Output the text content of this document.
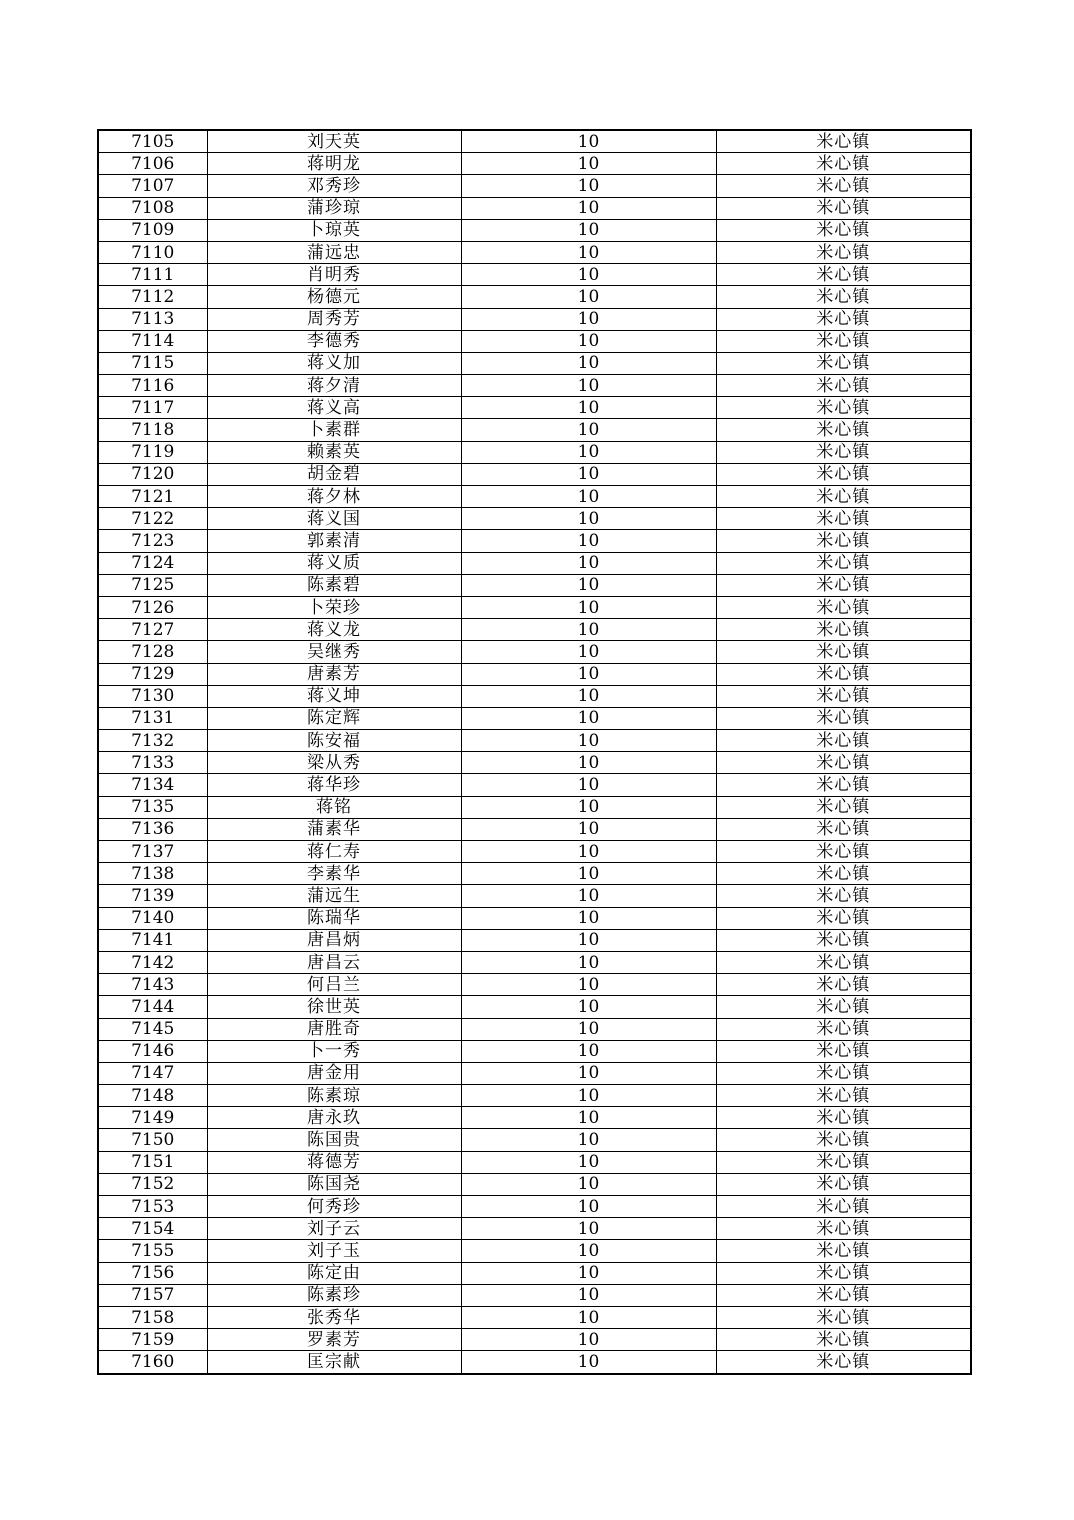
7105	刘天英	10	米心镇
7106	蒋明龙	10	米心镇
7107	邓秀珍	10	米心镇
7108	蒲珍琼	10	米心镇
7109	卜琼英	10	米心镇
7110	蒲远忠	10	米心镇
7111	肖明秀	10	米心镇
7112	杨德元	10	米心镇
7113	周秀芳	10	米心镇
7114	李德秀	10	米心镇
7115	蒋义加	10	米心镇
7116	蒋夕清	10	米心镇
7117	蒋义高	10	米心镇
7118	卜素群	10	米心镇
7119	赖素英	10	米心镇
7120	胡金碧	10	米心镇
7121	蒋夕林	10	米心镇
7122	蒋义国	10	米心镇
7123	郭素清	10	米心镇
7124	蒋义质	10	米心镇
7125	陈素碧	10	米心镇
7126	卜荣珍	10	米心镇
7127	蒋义龙	10	米心镇
7128	吴继秀	10	米心镇
7129	唐素芳	10	米心镇
7130	蒋义坤	10	米心镇
7131	陈定辉	10	米心镇
7132	陈安福	10	米心镇
7133	梁从秀	10	米心镇
7134	蒋华珍	10	米心镇
7135	蒋铭	10	米心镇
7136	蒲素华	10	米心镇
7137	蒋仁寿	10	米心镇
7138	李素华	10	米心镇
7139	蒲远生	10	米心镇
7140	陈瑞华	10	米心镇
7141	唐昌炳	10	米心镇
7142	唐昌云	10	米心镇
7143	何吕兰	10	米心镇
7144	徐世英	10	米心镇
7145	唐胜奇	10	米心镇
7146	卜一秀	10	米心镇
7147	唐金用	10	米心镇
7148	陈素琼	10	米心镇
7149	唐永玖	10	米心镇
7150	陈国贵	10	米心镇
7151	蒋德芳	10	米心镇
7152	陈国尧	10	米心镇
7153	何秀珍	10	米心镇
7154	刘子云	10	米心镇
7155	刘子玉	10	米心镇
7156	陈定由	10	米心镇
7157	陈素珍	10	米心镇
7158	张秀华	10	米心镇
7159	罗素芳	10	米心镇
7160	匡宗献	10	米心镇
